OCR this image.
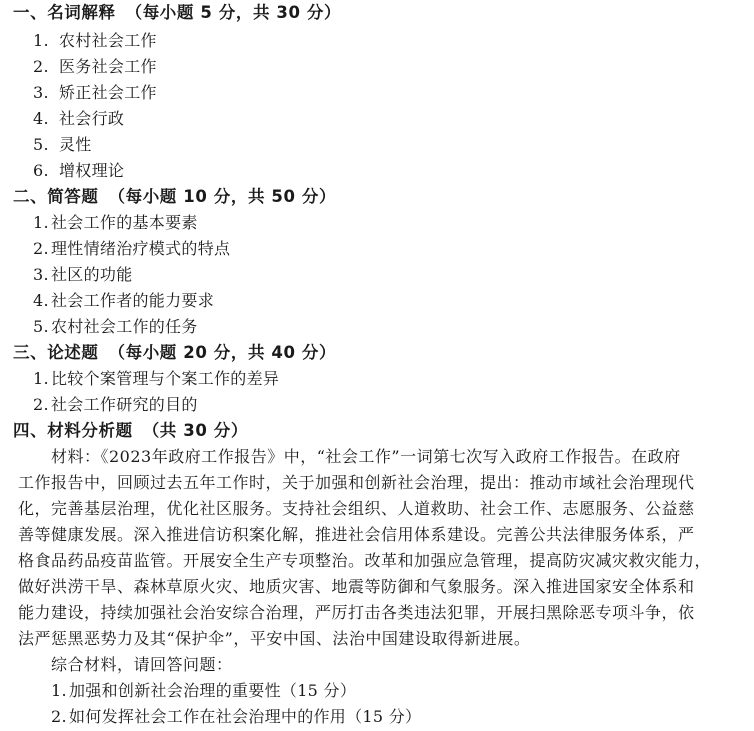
一、名词解释 （每小题 5 分，共 30 分）
1. 农村社会工作
2. 医务社会工作
3. 矫正社会工作
4. 社会行政
5. 灵性
6. 增权理论
二、简答题 （每小题 10 分，共 50 分）
1. 社会工作的基本要素
2. 理性情绪治疗模式的特点
3. 社区的功能
4. 社会工作者的能力要求
5. 农村社会工作的任务
三、论述题 （每小题 20 分，共 40 分）
1. 比较个案管理与个案工作的差异
2. 社会工作研究的目的
四、材料分析题 （共 30 分）
材料：《2023年政府工作报告》中，“社会工作”一词第七次写入政府工作报告。在政府
工作报告中，回顾过去五年工作时，关于加强和创新社会治理，提出：推动市域社会治理现代
化，完善基层治理，优化社区服务。支持社会组织、人道救助、社会工作、志愿服务、公益慈
善等健康发展。深入推进信访积案化解，推进社会信用体系建设。完善公共法律服务体系，严
格食品药品疫苗监管。开展安全生产专项整治。改革和加强应急管理，提高防灾减灾救灾能力，
做好洪涝干旱、森林草原火灾、地质灾害、地震等防御和气象服务。深入推进国家安全体系和
能力建设，持续加强社会治安综合治理，严厉打击各类违法犯罪，开展扫黑除恶专项斗争，依
法严惩黑恶势力及其“保护伞”，平安中国、法治中国建设取得新进展。
综合材料，请回答问题：
1. 加强和创新社会治理的重要性（15 分）
2. 如何发挥社会工作在社会治理中的作用（15 分）
